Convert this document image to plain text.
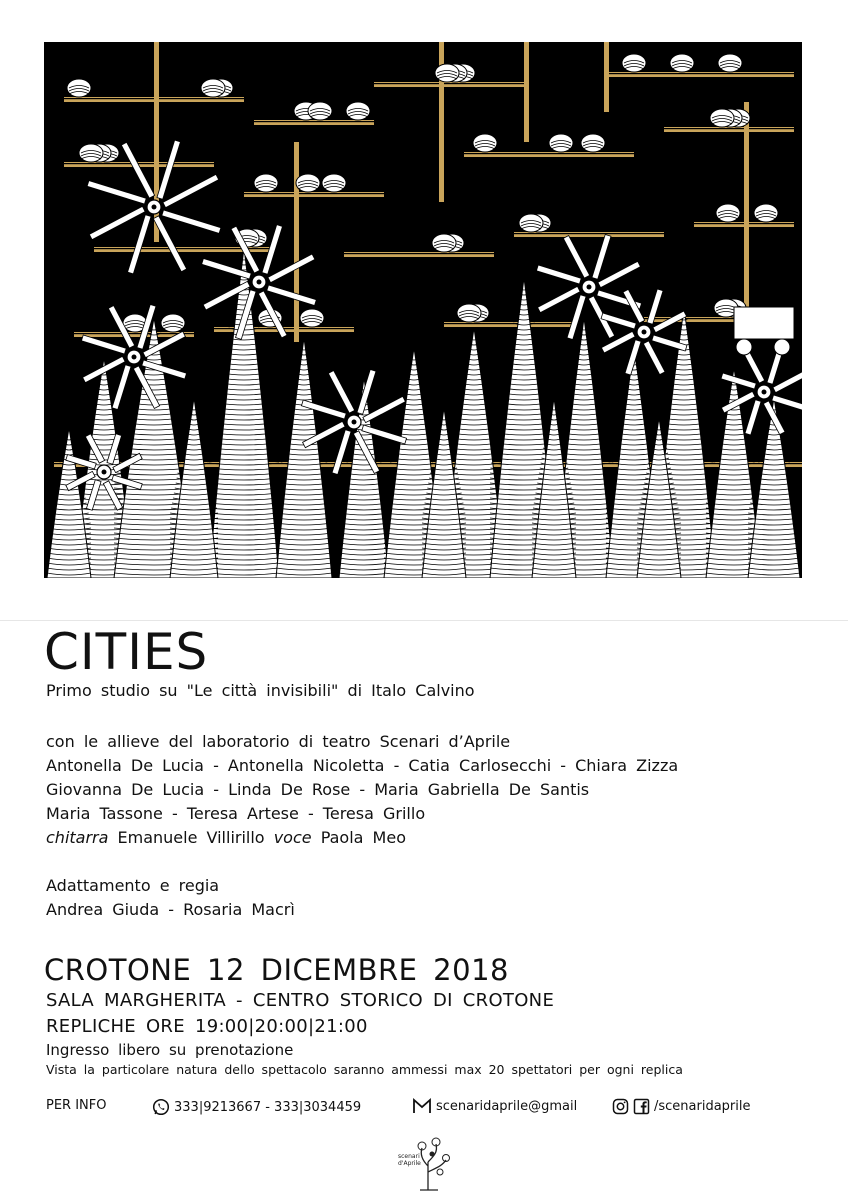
CITIES
Primo studio su "Le città invisibili" di Italo Calvino
con le allieve del laboratorio di teatro Scenari d’Aprile
Antonella De Lucia - Antonella Nicoletta - Catia Carlosecchi - Chiara Zizza
Giovanna De Lucia - Linda De Rose - Maria Gabriella De Santis
Maria Tassone - Teresa Artese - Teresa Grillo
chitarra Emanuele Villirillo voce Paola Meo
Adattamento e regia
Andrea Giuda - Rosaria Macrì
CROTONE 12 DICEMBRE 2018
SALA MARGHERITA - CENTRO STORICO DI CROTONE
REPLICHE ORE 19:00|20:00|21:00
Ingresso libero su prenotazione
Vista la particolare natura dello spettacolo saranno ammessi max 20 spettatori per ogni replica
PER INFO	333|9213667 - 333|3034459	scenaridaprile@gmail	/scenaridaprile
scenari d'Aprile
